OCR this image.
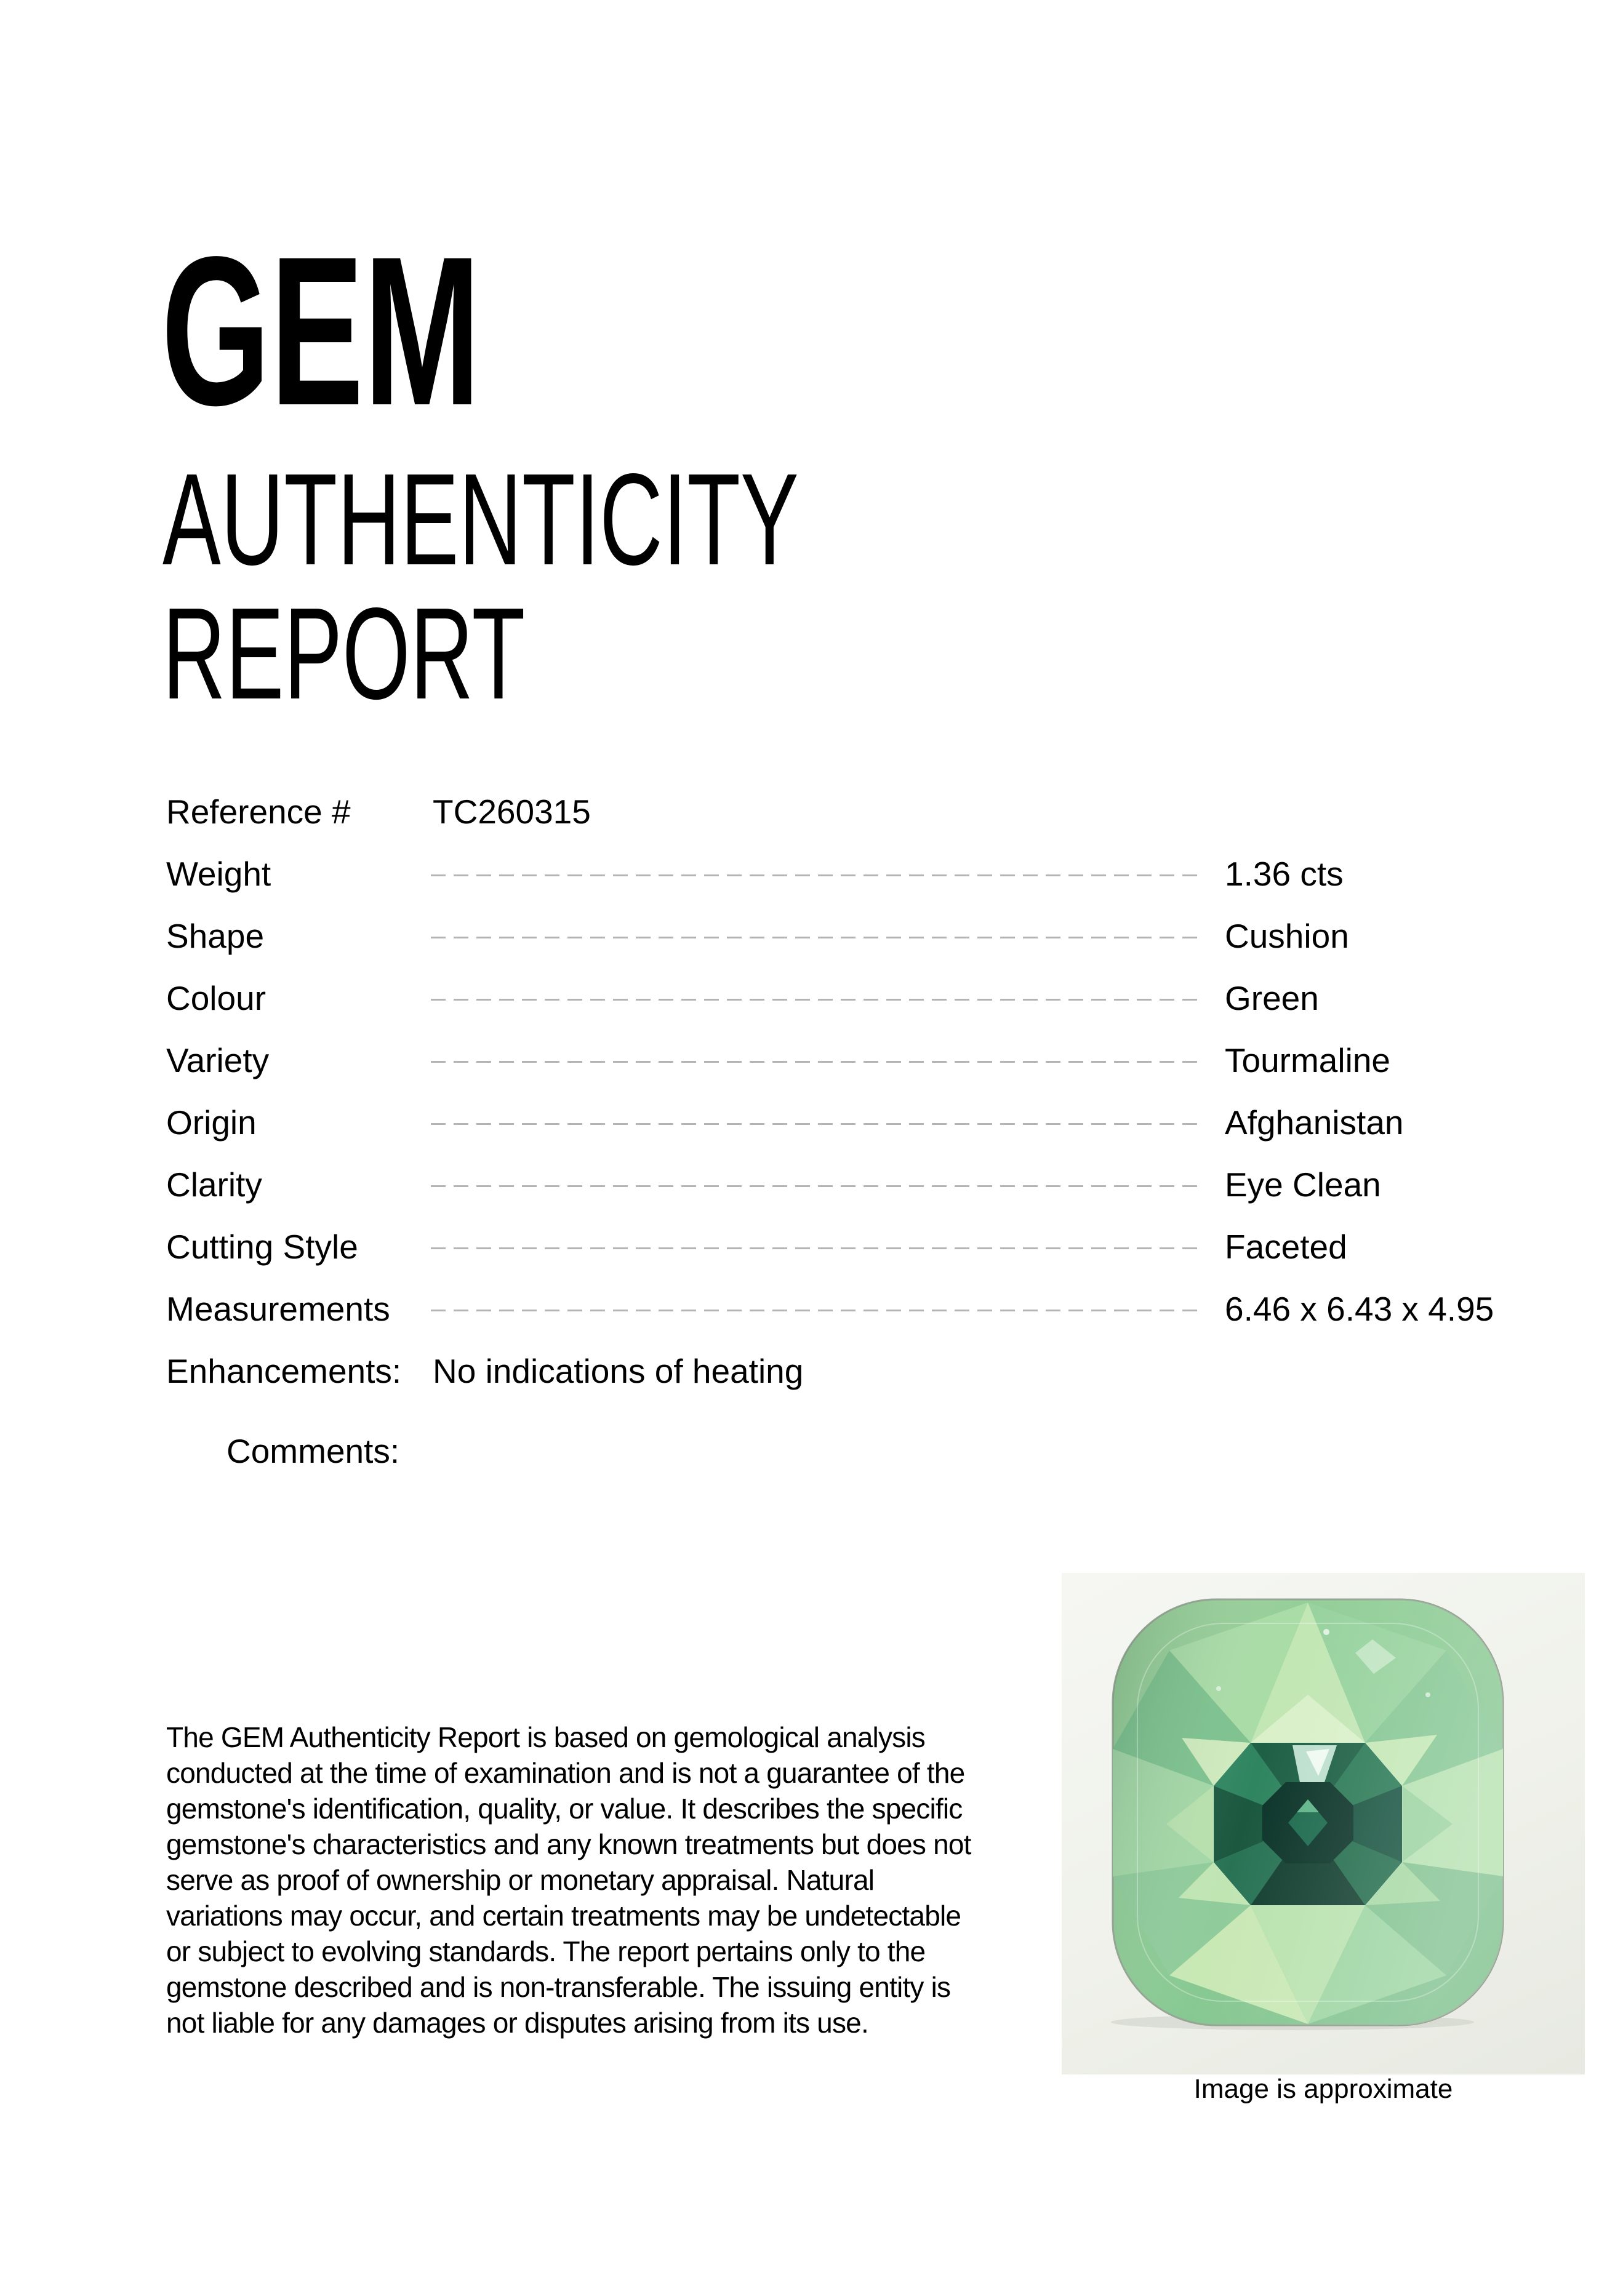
GEM
AUTHENTICITY
REPORT
Reference # TC260315
Weight	1.36 cts
Shape	Cushion
Colour	Green
Variety	Tourmaline
Origin	Afghanistan
Clarity	Eye Clean
Cutting Style	Faceted
Measurements	6.46 x 6.43 x 4.95
Enhancements: No indications of heating
Comments:
The GEM Authenticity Report is based on gemological analysis
conducted at the time of examination and is not a guarantee of the
gemstone's identification, quality, or value. It describes the specific
gemstone's characteristics and any known treatments but does not
serve as proof of ownership or monetary appraisal. Natural
variations may occur, and certain treatments may be undetectable
or subject to evolving standards. The report pertains only to the
gemstone described and is non-transferable. The issuing entity is
not liable for any damages or disputes arising from its use.
Image is approximate
